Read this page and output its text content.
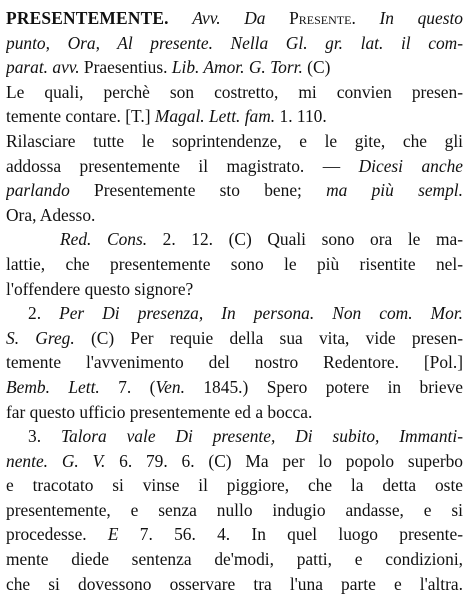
PRESENTEMENTE. Avv. Da Presente. In questo
punto, Ora, Al presente. Nella Gl. gr. lat. il com-
parat. avv. Praesentius. Lib. Amor. G. Torr. (C)
Le quali, perchè son costretto, mi convien presen-
temente contare. [T.] Magal. Lett. fam. 1. 110.
Rilasciare tutte le soprintendenze, e le gite, che gli
addossa presentemente il magistrato. — Dicesi anche
parlando Presentemente sto bene; ma più sempl.
Ora, Adesso.
Red. Cons. 2. 12. (C) Quali sono ora le ma-
lattie, che presentemente sono le più risentite nel-
l'offendere questo signore?
2. Per Di presenza, In persona. Non com. Mor.
S. Greg. (C) Per requie della sua vita, vide presen-
temente l'avvenimento del nostro Redentore. [Pol.]
Bemb. Lett. 7. (Ven. 1845.) Spero potere in brieve
far questo ufficio presentemente ed a bocca.
3. Talora vale Di presente, Di subito, Immanti-
nente. G. V. 6. 79. 6. (C) Ma per lo popolo superbo
e tracotato si vinse il piggiore, che la detta oste
presentemente, e senza nullo indugio andasse, e si
procedesse. E 7. 56. 4. In quel luogo presente-
mente diede sentenza de'modi, patti, e condizioni,
che si dovessono osservare tra l'una parte e l'altra.
